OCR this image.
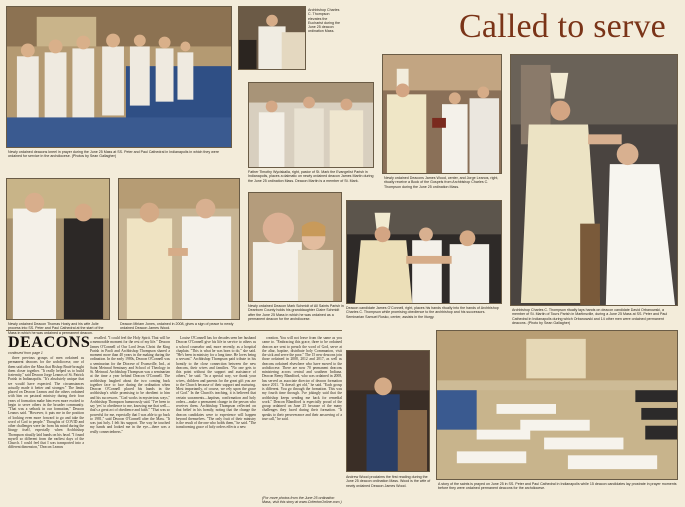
Called to serve
Newly ordained deacons kneel in prayer during the June 25 Mass at SS. Peter and Paul Cathedral in Indianapolis in which they were ordained for service in the archdiocese. (Photos by Sean Gallagher)
Archbishop Charles C. Thompson elevates the Eucharist during the June 25 deacon ordination Mass.
Father Timothy Wyciskalla, right, pastor of St. Mark the Evangelist Parish in Indianapolis, places a dalmatic on newly ordained deacon James Martin during the June 25 ordination Mass. Deacon Martin is a member of St. Mark.
Newly ordained Deacons James Wood, center, and Jorge Leanos, right, ritually receive a Book of the Gospels from Archbishop Charles C. Thompson during the June 25 ordination Mass.
Archbishop Charles C. Thompson ritually lays hands on deacon candidate David Orbanowski, a member of St. Martin of Tours Parish in Martinsville, during a June 25 Mass at SS. Peter and Paul Cathedral in Indianapolis during which Orbanowski and 14 other men were ordained permanent deacons. (Photo by Sean Gallagher)
Newly ordained Deacon Thomas Hosty and his wife Julie process into SS. Peter and Paul Cathedral at the start of the Mass in which he was ordained a permanent deacon.
Deacon Miriam Jones, ordained in 2008, gives a sign of peace to newly ordained Deacon James Wood.
Newly ordained Deacon Mark Schmidt of All Saints Parish in Dearborn County holds his granddaughter Claire Schmidt after the June 25 Mass in which he was ordained as a permanent deacon for the archdiocese.
Deacon candidate James O'Connell, right, places his hands ritually into the hands of Archbishop Charles C. Thompson while promising obedience to the archbishop and his successors. Seminarian Samuel Rosko, center, assists in the liturgy.
DEACONS
continued from page 1

three previous groups of men ordained as permanent deacons for the archdiocese, one of them said after the Mass that Bishop Bruté brought them closer together. "It really helped us to build fraternity," said Deacon Jorge Leanos of St. Patrick Parish in Indianapolis. "It's absolutely unique that we would have expected. The circumstances actually made it better and stronger." The limits placed on Deacon Leanos and the others ordained with him on pastoral ministry during their four years of formation make him even more excited to begin to serve others in the broader community. "That was a setback in our formation," Deacon Leanos said. "However, it puts me in the position of looking even more forward to go and take the word of God to people." Thoughts of COVID and other challenges were far from his mind during the liturgy itself, especially when Archbishop Thompson ritually laid hands on his head. "I found myself so different from the earliest days of the Church. I could feel that I was transported into a different dimension," Deacon Leanos

recalled. "I could feel the Holy Spirit. That will be a memorable moment for the rest of my life." Deacon James O'Connell of Our Lord Jesus Christ the King Parish in Paoli and Archbishop Thompson shared a moment more than 40 years in the making during the ordination. In the early 1980s, Deacon O'Connell was a seminarian for the Diocese of Evansville, Ind., at Saint Meinrad Seminary and School of Theology in St. Meinrad. Archbishop Thompson was a seminarian at the time a year behind Deacon O'Connell. The archbishop laughed about the two coming back together face to face during the ordination when Deacon O'Connell placed his hands in the archbishop's while promising to be obedient to him and his successors. "God works in mysterious ways," Archbishop Thompson humorously said. "I've been to say 'yes' to obedience to me, knowing me that well—that's a great act of obedience and faith." "That was so powerful for me, especially that I was able to go back to 1981," said Deacon O'Connell after the Mass. "It was just holy. I felt his support. The way he touched my hands and looked me in the eye—there was a really connectedness."

Louise O'Connell has for decades seen her husband Deacon O'Connell give his life in service to others as a school counselor and, more recently, as a hospital chaplain. "This is what he was born to do," she said. "He's been in ministry for a long time. He loves being a servant." Archbishop Thompson paid tribute in his homily to the close connection between the new deacons, their wives and families. "No one gets to this point without the support and assistance of others," he said. "In a special way, we thank your wives, children and parents for the great gift you are to the Church because of their support and nurturing. Most importantly, of course, we rely upon the grace of God." In the Church's teaching, it is believed that certain sacraments—baptism, confirmation and holy orders—make a permanent change in the person who receives them. Archbishop Thompson reflected on that belief in his homily, noting that the change the deacon candidates were to experience will happen beyond themselves. "The only fruit of their ministry is the result of the one who holds them," he said. "The transforming grace of holy orders effects a new

creation. You will not leave from the same as you came to. "Embracing this grace, three to be ordained deacon are sent to preach the word of God, serve at the altar, baptize, distribute holy Communion, visit the sick and serve the poor." The 15 new deacons join those ordained in 2008, 2012 and 2017, as well as deacons ordained elsewhere who have moved to the archdiocese. There are now 70 permanent deacons ministering across central and southern Indiana. Deacon Remy Blandford, who was ordained in 2008, has served as associate director of deacon formation since 2011. "It doesn't get old," he said. "Each group is different. You go through the formation. This was my fourth time through. I've jokingly said that the archbishop keeps sending me back for remedial work." Deacon Blandford is especially proud of the group ordained on June 25 because of the many challenges they faced during their formation. "It speaks to their perseverance and their answering of a true call," he said.

(For more photos from the June 25 ordination Mass, visit this story at www.CriterionOnline.com.)
Andrew Wood proclaims the first reading during the June 25 deacon ordination Mass. Wood is the wife of newly ordained Deacon James Wood.	A story of the saints is prayed on June 25 in SS. Peter and Paul Cathedral in Indianapolis while 15 deacon candidates lay prostrate in prayer moments before they were ordained permanent deacons for the archdiocese.
